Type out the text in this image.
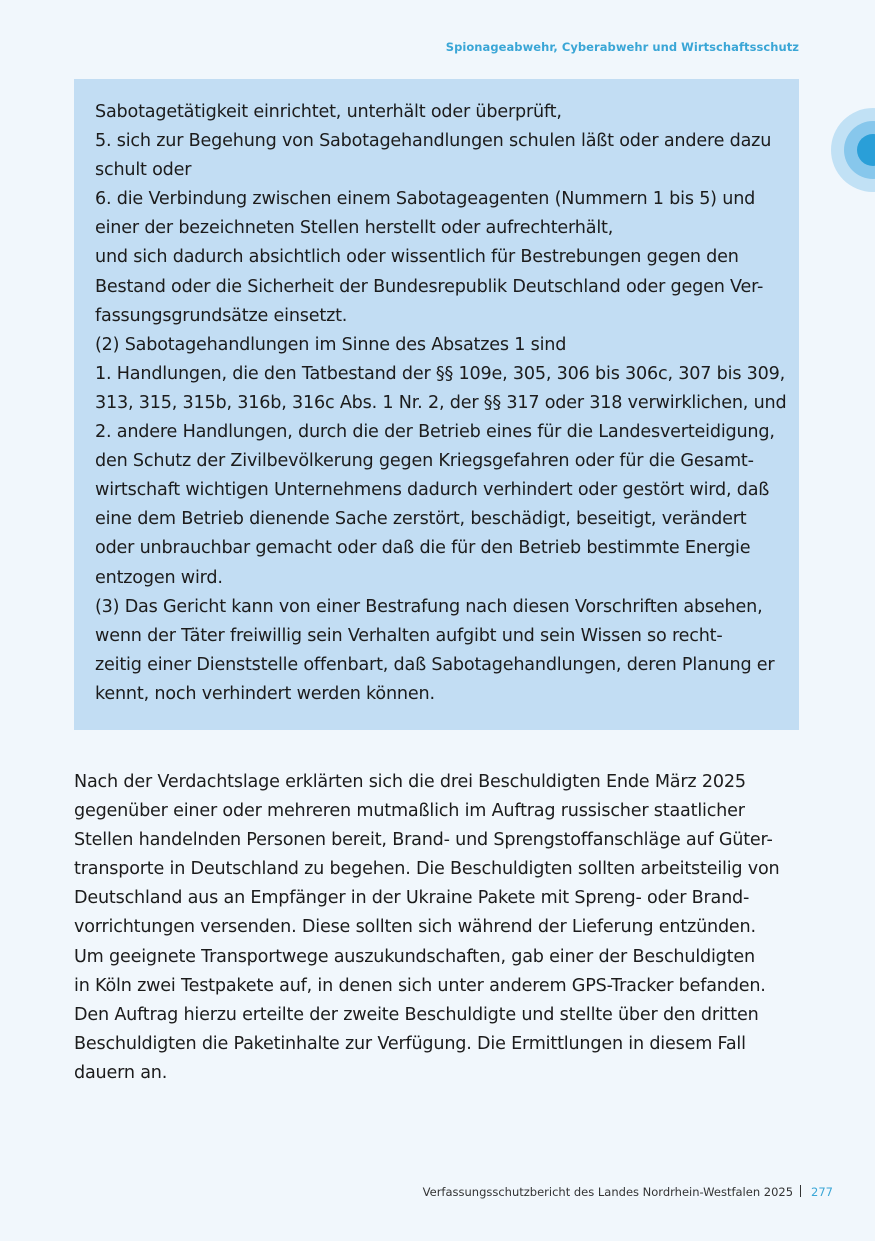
Spionageabwehr, Cyberabwehr und Wirtschaftsschutz

Sabotagetätigkeit einrichtet, unterhält oder überprüft,

5. sich zur Begehung von Sabotagehandlungen schulen läßt oder andere dazu

schult oder

6. die Verbindung zwischen einem Sabotageagenten (Nummern 1 bis 5) und

einer der bezeichneten Stellen herstellt oder aufrechterhält,

und sich dadurch absichtlich oder wissentlich für Bestrebungen gegen den

Bestand oder die Sicherheit der Bundesrepublik Deutschland oder gegen Ver-

fassungsgrundsätze einsetzt.

(2) Sabotagehandlungen im Sinne des Absatzes 1 sind

1. Handlungen, die den Tatbestand der §§ 109e, 305, 306 bis 306c, 307 bis 309,

313, 315, 315b, 316b, 316c Abs. 1 Nr. 2, der §§ 317 oder 318 verwirklichen, und

2. andere Handlungen, durch die der Betrieb eines für die Landesverteidigung,

den Schutz der Zivilbevölkerung gegen Kriegsgefahren oder für die Gesamt-

wirtschaft wichtigen Unternehmens dadurch verhindert oder gestört wird, daß

eine dem Betrieb dienende Sache zerstört, beschädigt, beseitigt, verändert

oder unbrauchbar gemacht oder daß die für den Betrieb bestimmte Energie

entzogen wird.

(3) Das Gericht kann von einer Bestrafung nach diesen Vorschriften absehen,

wenn der Täter freiwillig sein Verhalten aufgibt und sein Wissen so recht-

zeitig einer Dienststelle offenbart, daß Sabotagehandlungen, deren Planung er

kennt, noch verhindert werden können.

Nach der Verdachtslage erklärten sich die drei Beschuldigten Ende März 2025

gegenüber einer oder mehreren mutmaßlich im Auftrag russischer staatlicher

Stellen handelnden Personen bereit, Brand- und Sprengstoffanschläge auf Güter-

transporte in Deutschland zu begehen. Die Beschuldigten sollten arbeitsteilig von

Deutschland aus an Empfänger in der Ukraine Pakete mit Spreng- oder Brand-

vorrichtungen versenden. Diese sollten sich während der Lieferung entzünden.

Um geeignete Transportwege auszukundschaften, gab einer der Beschuldigten

in Köln zwei Testpakete auf, in denen sich unter anderem GPS-Tracker befanden.

Den Auftrag hierzu erteilte der zweite Beschuldigte und stellte über den dritten

Beschuldigten die Paketinhalte zur Verfügung. Die Ermittlungen in diesem Fall

dauern an.

Verfassungsschutzbericht des Landes Nordrhein-Westfalen 2025 277
